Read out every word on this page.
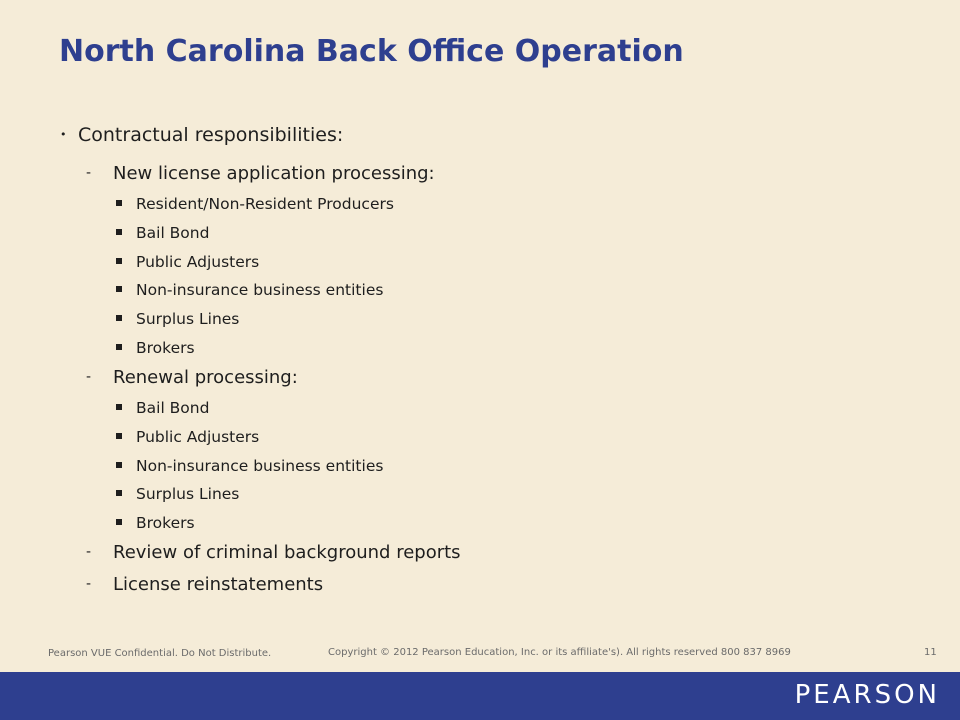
North Carolina Back Office Operation
• Contractual responsibilities:
- New license application processing:
Resident/Non-Resident Producers
Bail Bond
Public Adjusters
Non-insurance business entities
Surplus Lines
Brokers
- Renewal processing:
Bail Bond
Public Adjusters
Non-insurance business entities
Surplus Lines
Brokers
- Review of criminal background reports
- License reinstatements
Pearson VUE Confidential. Do Not Distribute.	Copyright © 2012 Pearson Education, Inc. or its affiliate's). All rights reserved 800 837 8969	11
PEARSON
